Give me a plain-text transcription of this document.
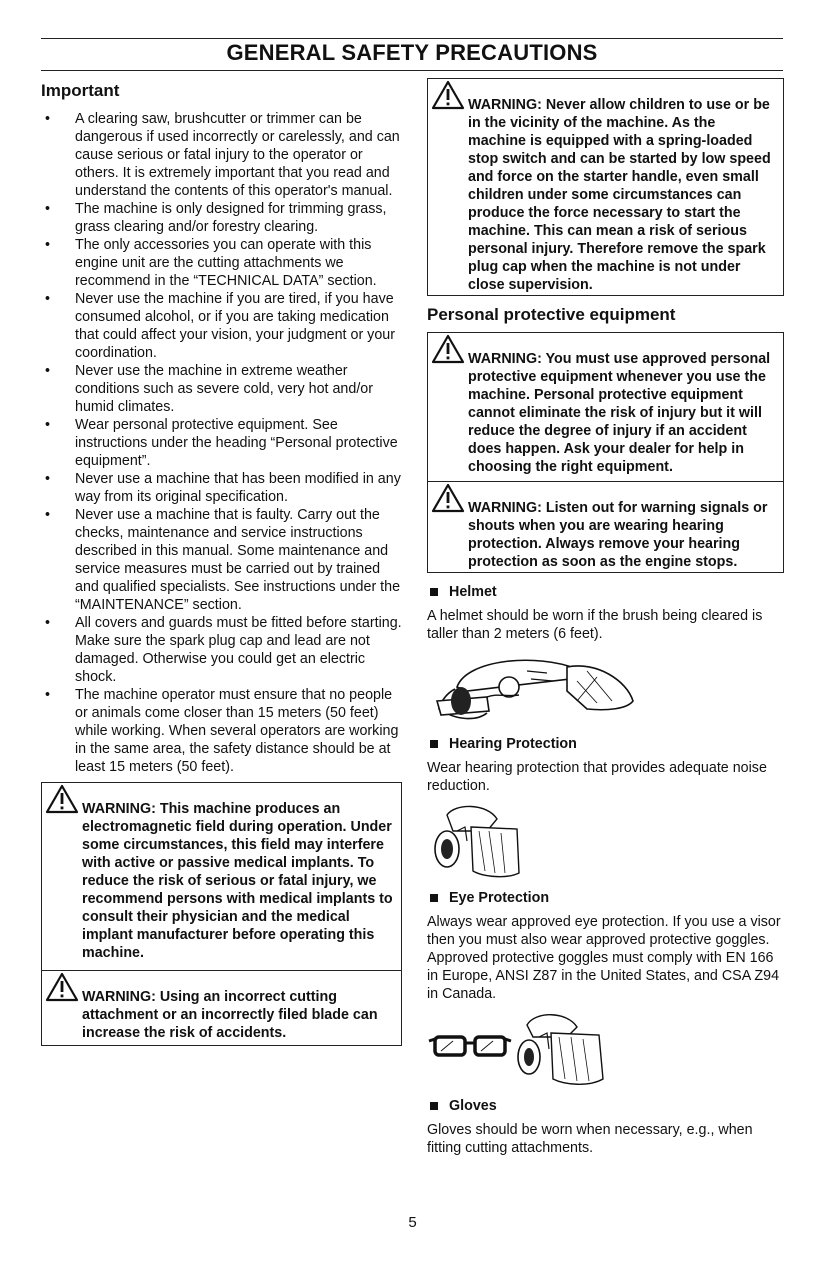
GENERAL SAFETY PRECAUTIONS
Important
• A clearing saw, brushcutter or trimmer can be dangerous if used incorrectly or carelessly, and can cause serious or fatal injury to the operator or others. It is extremely important that you read and understand the contents of this operator's manual.
• The machine is only designed for trimming grass, grass clearing and/or forestry clearing.
• The only accessories you can operate with this engine unit are the cutting attachments we recommend in the “TECHNICAL DATA” section.
• Never use the machine if you are tired, if you have consumed alcohol, or if you are taking medication that could affect your vision, your judgment or your coordination.
• Never use the machine in extreme weather conditions such as severe cold, very hot and/or humid climates.
• Wear personal protective equipment. See instructions under the heading “Personal protective equipment”.
• Never use a machine that has been modified in any way from its original specification.
• Never use a machine that is faulty. Carry out the checks, maintenance and service instructions described in this manual. Some maintenance and service measures must be carried out by trained and qualified specialists. See instructions under the “MAINTENANCE” section.
• All covers and guards must be fitted before starting. Make sure the spark plug cap and lead are not damaged. Otherwise you could get an electric shock.
• The machine operator must ensure that no people or animals come closer than 15 meters (50 feet) while working. When several operators are working in the same area, the safety distance should be at least 15 meters (50 feet).
WARNING: This machine produces an electromagnetic field during operation. Under some circumstances, this field may interfere with active or passive medical implants. To reduce the risk of serious or fatal injury, we recommend persons with medical implants to consult their physician and the medical implant manufacturer before operating this machine.
WARNING: Using an incorrect cutting attachment or an incorrectly filed blade can increase the risk of accidents.
WARNING: Never allow children to use or be in the vicinity of the machine. As the machine is equipped with a spring-loaded stop switch and can be started by low speed and force on the starter handle, even small children under some circumstances can produce the force necessary to start the machine. This can mean a risk of serious personal injury. Therefore remove the spark plug cap when the machine is not under close supervision.
Personal protective equipment
WARNING: You must use approved personal protective equipment whenever you use the machine. Personal protective equipment cannot eliminate the risk of injury but it will reduce the degree of injury if an accident does happen. Ask your dealer for help in choosing the right equipment.
WARNING: Listen out for warning signals or shouts when you are wearing hearing protection. Always remove your hearing protection as soon as the engine stops.
Helmet

A helmet should be worn if the brush being cleared is taller than 2 meters (6 feet).

Hearing Protection

Wear hearing protection that provides adequate noise reduction.

Eye Protection

Always wear approved eye protection. If you use a visor then you must also wear approved protective goggles. Approved protective goggles must comply with EN 166 in Europe, ANSI Z87 in the United States, and CSA Z94 in Canada.

Gloves

Gloves should be worn when necessary, e.g., when fitting cutting attachments.

5
